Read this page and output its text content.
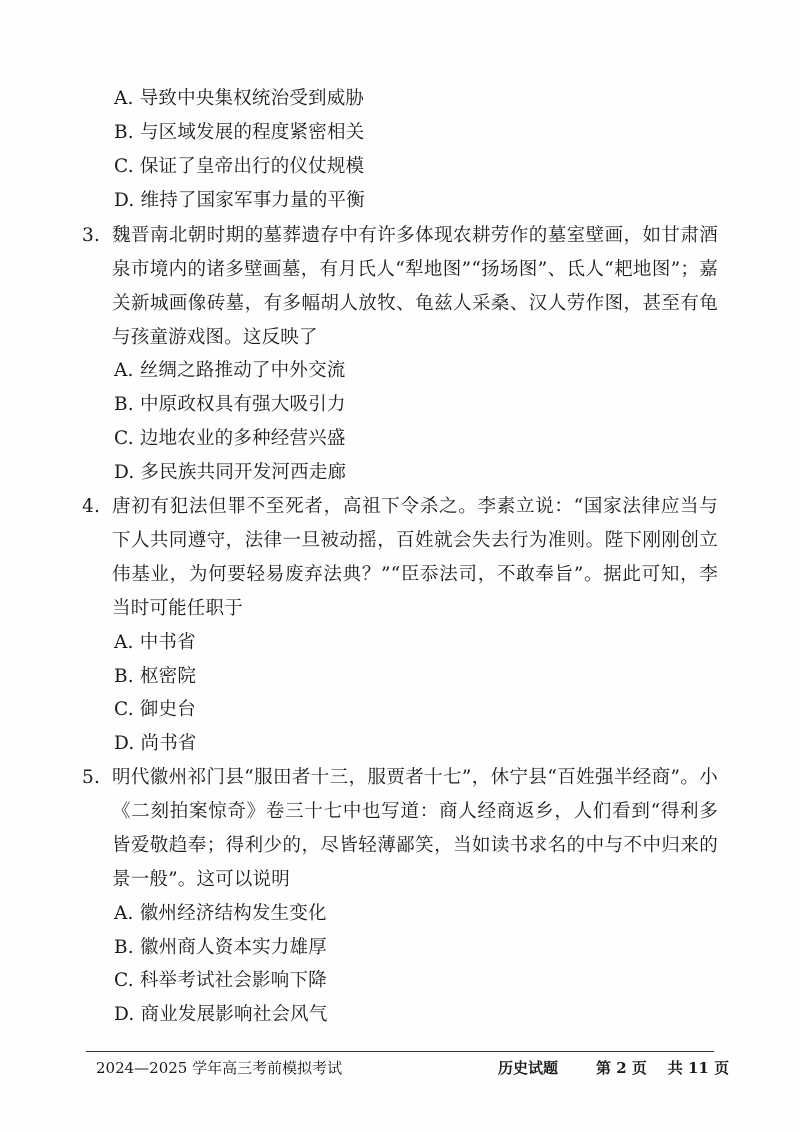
A. 导致中央集权统治受到威胁
B. 与区域发展的程度紧密相关
C. 保证了皇帝出行的仪仗规模
D. 维持了国家军事力量的平衡
3. 魏晋南北朝时期的墓葬遗存中有许多体现农耕劳作的墓室壁画，如甘肃酒
泉市境内的诸多壁画墓，有月氏人“犁地图”“扬场图”、氐人“耙地图”；嘉
关新城画像砖墓，有多幅胡人放牧、龟兹人采桑、汉人劳作图，甚至有龟
与孩童游戏图。这反映了
A. 丝绸之路推动了中外交流
B. 中原政权具有强大吸引力
C. 边地农业的多种经营兴盛
D. 多民族共同开发河西走廊
4. 唐初有犯法但罪不至死者，高祖下令杀之。李素立说：“国家法律应当与
下人共同遵守，法律一旦被动摇，百姓就会失去行为准则。陛下刚刚创立
伟基业，为何要轻易废弃法典？”“臣忝法司，不敢奉旨”。据此可知，李
当时可能任职于
A. 中书省
B. 枢密院
C. 御史台
D. 尚书省
5. 明代徽州祁门县“服田者十三，服贾者十七”，休宁县“百姓强半经商”。小
《二刻拍案惊奇》卷三十七中也写道：商人经商返乡，人们看到“得利多
皆爱敬趋奉；得利少的，尽皆轻薄鄙笑，当如读书求名的中与不中归来的
景一般”。这可以说明
A. 徽州经济结构发生变化
B. 徽州商人资本实力雄厚
C. 科举考试社会影响下降
D. 商业发展影响社会风气
2024—2025 学年高三考前模拟考试	历史试题	第 2 页    共 11 页
